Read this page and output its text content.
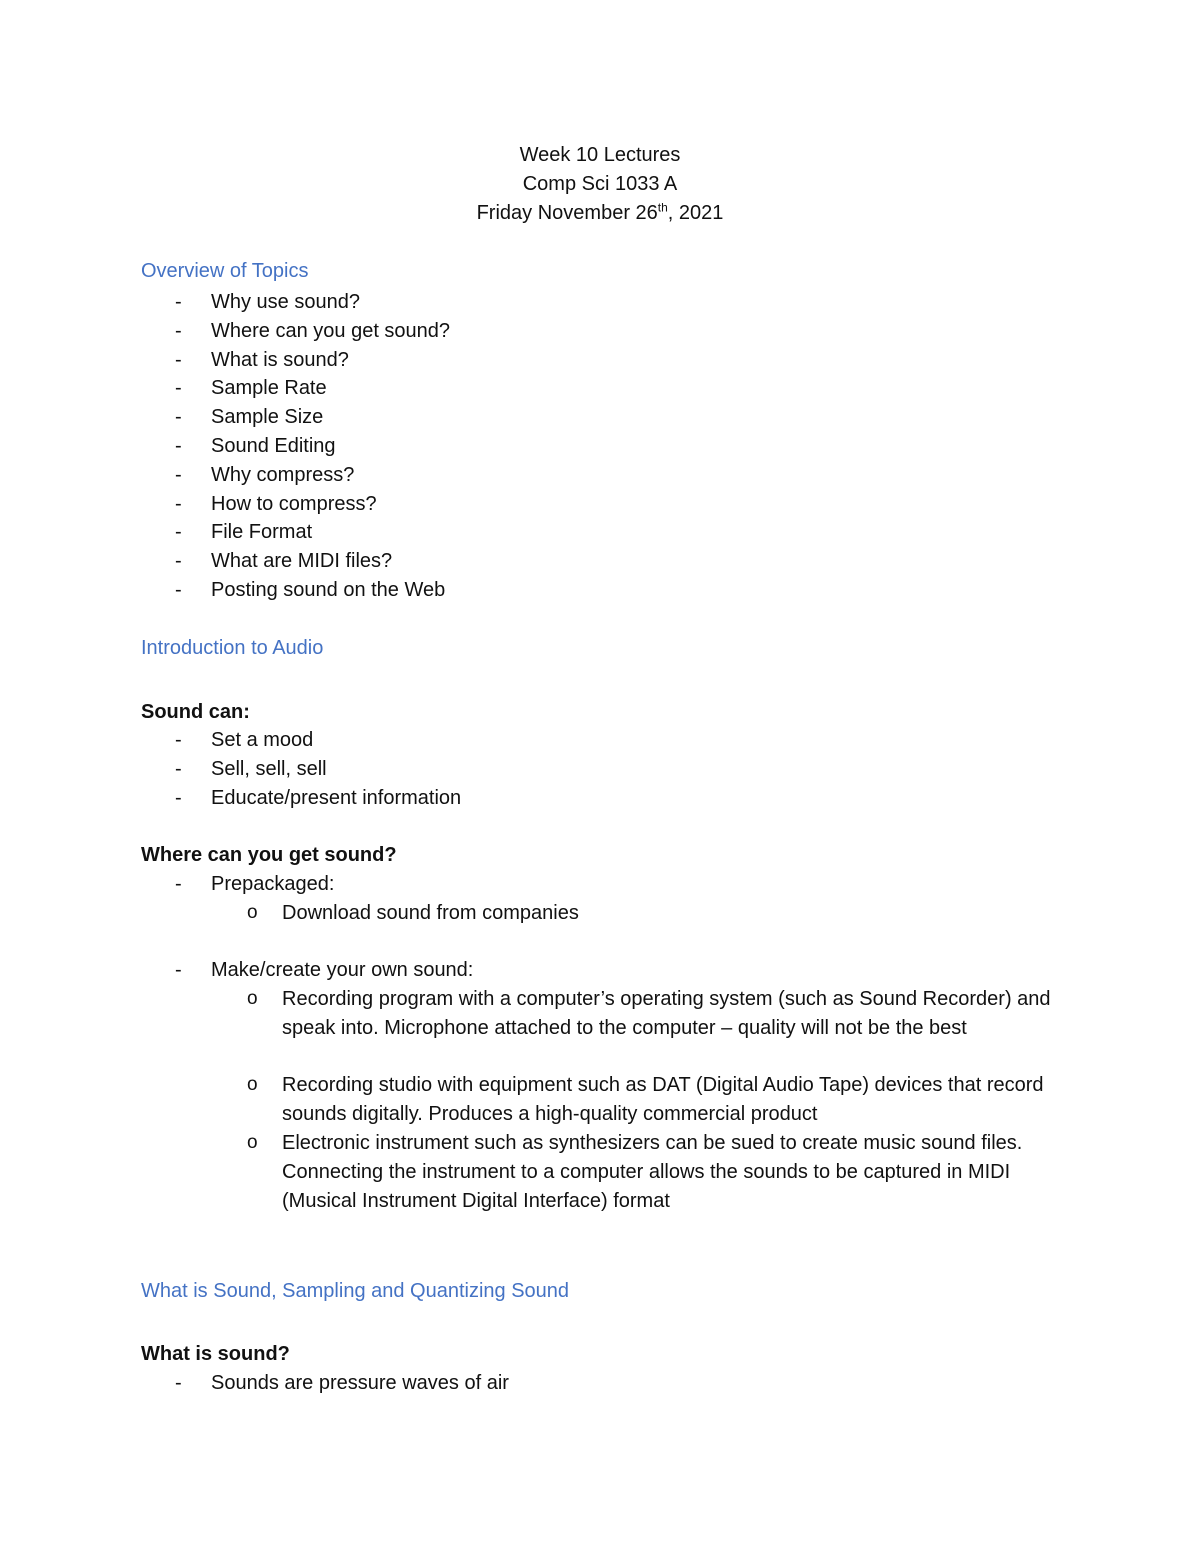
Week 10 Lectures
Comp Sci 1033 A
Friday November 26th, 2021
Overview of Topics
- Why use sound?
- Where can you get sound?
- What is sound?
- Sample Rate
- Sample Size
- Sound Editing
- Why compress?
- How to compress?
- File Format
- What are MIDI files?
- Posting sound on the Web
Introduction to Audio
Sound can:
- Set a mood
- Sell, sell, sell
- Educate/present information
Where can you get sound?
- Prepackaged:
o Download sound from companies
- Make/create your own sound:
o Recording program with a computer’s operating system (such as Sound Recorder) and speak into. Microphone attached to the computer – quality will not be the best
o Recording studio with equipment such as DAT (Digital Audio Tape) devices that record sounds digitally. Produces a high-quality commercial product
o Electronic instrument such as synthesizers can be sued to create music sound files. Connecting the instrument to a computer allows the sounds to be captured in MIDI (Musical Instrument Digital Interface) format
What is Sound, Sampling and Quantizing Sound
What is sound?
- Sounds are pressure waves of air
